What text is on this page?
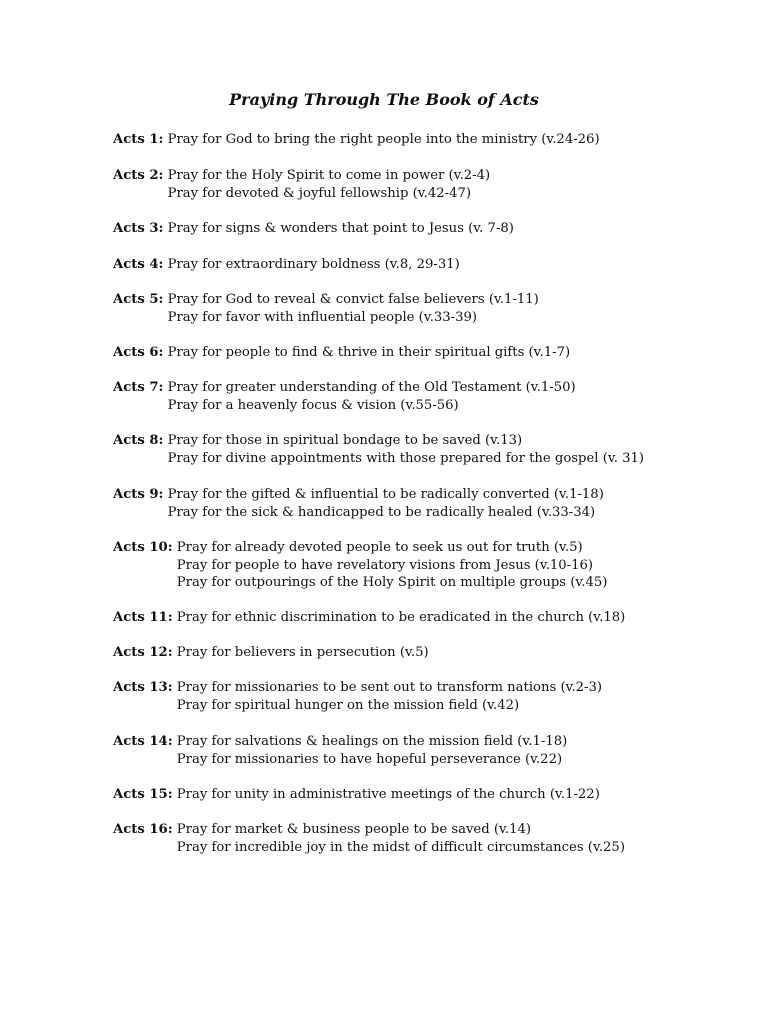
Praying Through The Book of Acts
Acts 1:
Pray for God to bring the right people into the ministry (v.24-26)
Acts 2:
Pray for the Holy Spirit to come in power (v.2-4)

Pray for devoted & joyful fellowship (v.42-47)
Acts 3:
Pray for signs & wonders that point to Jesus (v. 7-8)
Acts 4:
Pray for extraordinary boldness (v.8, 29-31)
Acts 5:
Pray for God to reveal & convict false believers (v.1-11)

Pray for favor with influential people (v.33-39)
Acts 6:
Pray for people to find & thrive in their spiritual gifts (v.1-7)
Acts 7:
Pray for greater understanding of the Old Testament (v.1-50)

Pray for a heavenly focus & vision (v.55-56)
Acts 8:
Pray for those in spiritual bondage to be saved (v.13)

Pray for divine appointments with those prepared for the gospel (v. 31)
Acts 9:
Pray for the gifted & influential to be radically converted (v.1-18)

Pray for the sick & handicapped to be radically healed (v.33-34)
Acts 10:
Pray for already devoted people to seek us out for truth (v.5)

Pray for people to have revelatory visions from Jesus (v.10-16)

Pray for outpourings of the Holy Spirit on multiple groups (v.45)
Acts 11:
Pray for ethnic discrimination to be eradicated in the church (v.18)
Acts 12:
Pray for believers in persecution (v.5)
Acts 13:
Pray for missionaries to be sent out to transform nations (v.2-3)

Pray for spiritual hunger on the mission field (v.42)
Acts 14:
Pray for salvations & healings on the mission field (v.1-18)

Pray for missionaries to have hopeful perseverance (v.22)
Acts 15:
Pray for unity in administrative meetings of the church (v.1-22)
Acts 16:
Pray for market & business people to be saved (v.14)

Pray for incredible joy in the midst of difficult circumstances (v.25)
